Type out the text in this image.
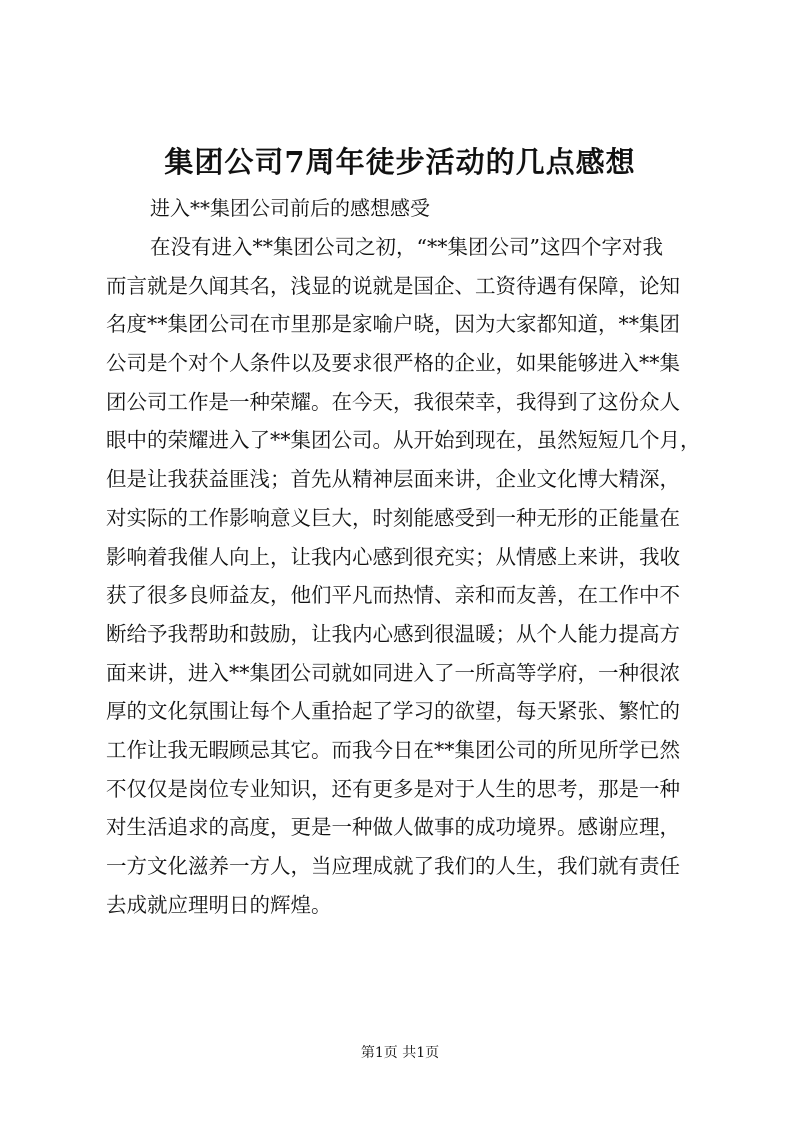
集团公司7周年徒步活动的几点感想

进入**集团公司前后的感想感受

在没有进入**集团公司之初，“**集团公司”这四个字对我
而言就是久闻其名，浅显的说就是国企、工资待遇有保障，论知
名度**集团公司在市里那是家喻户晓，因为大家都知道，**集团
公司是个对个人条件以及要求很严格的企业，如果能够进入**集
团公司工作是一种荣耀。在今天，我很荣幸，我得到了这份众人
眼中的荣耀进入了**集团公司。从开始到现在，虽然短短几个月，
但是让我获益匪浅；首先从精神层面来讲，企业文化博大精深，
对实际的工作影响意义巨大，时刻能感受到一种无形的正能量在
影响着我催人向上，让我内心感到很充实；从情感上来讲，我收
获了很多良师益友，他们平凡而热情、亲和而友善，在工作中不
断给予我帮助和鼓励，让我内心感到很温暖；从个人能力提高方
面来讲，进入**集团公司就如同进入了一所高等学府，一种很浓
厚的文化氛围让每个人重拾起了学习的欲望，每天紧张、繁忙的
工作让我无暇顾忌其它。而我今日在**集团公司的所见所学已然
不仅仅是岗位专业知识，还有更多是对于人生的思考，那是一种
对生活追求的高度，更是一种做人做事的成功境界。感谢应理，
一方文化滋养一方人，当应理成就了我们的人生，我们就有责任
去成就应理明日的辉煌。

第1页 共1页
